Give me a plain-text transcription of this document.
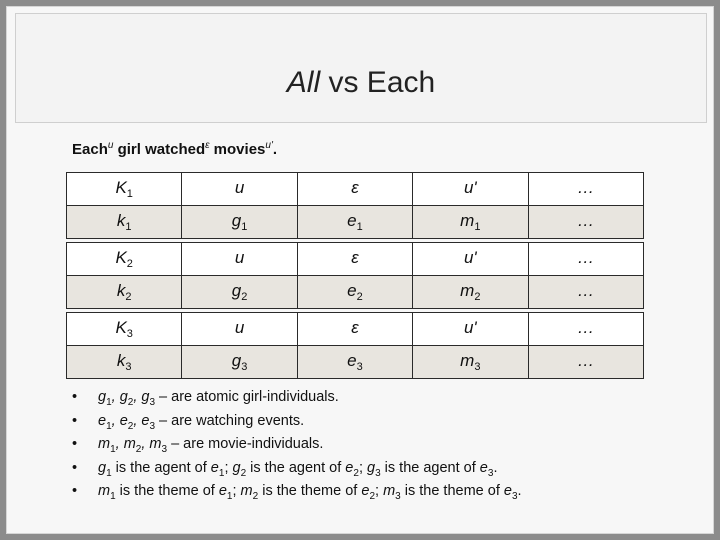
All vs Each
Each$^u$ girl watched$^\varepsilon$ movies$^{u'}$.
$K_1$	u	ε	u'	…
$k_1$	$g_1$	$e_1$	$m_1$	…
$K_2$	u	ε	u'	…
$k_2$	$g_2$	$e_2$	$m_2$	…
$K_3$	u	ε	u'	…
$k_3$	$g_3$	$e_3$	$m_3$	…
• $g_1$, $g_2$, $g_3$ – are atomic girl-individuals.
• $e_1$, $e_2$, $e_3$ – are watching events.
• $m_1$, $m_2$, $m_3$ – are movie-individuals.
• $g_1$ is the agent of $e_1$; $g_2$ is the agent of $e_2$; $g_3$ is the agent of $e_3$.
• $m_1$ is the theme of $e_1$; $m_2$ is the theme of $e_2$; $m_3$ is the theme of $e_3$.
